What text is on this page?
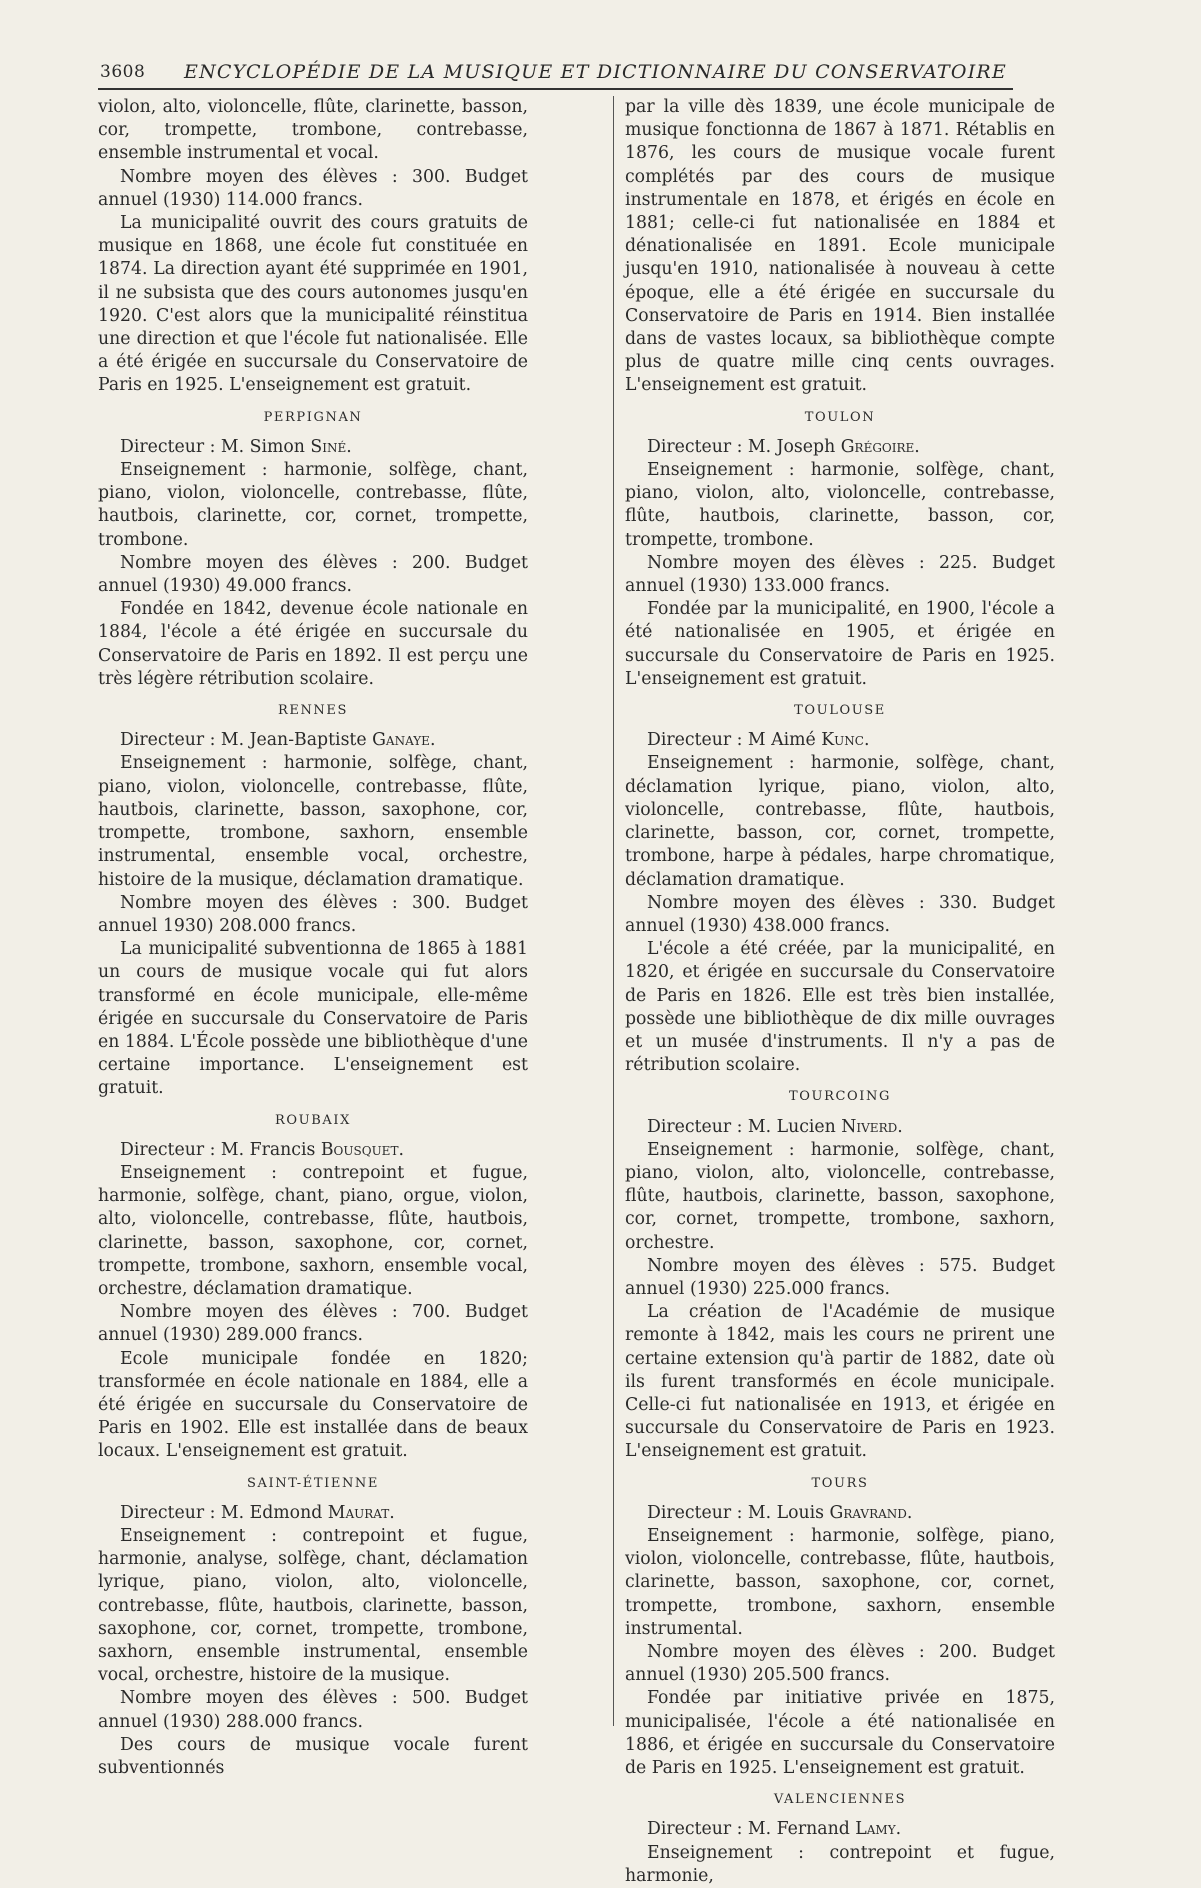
3608	ENCYCLOPÉDIE DE LA MUSIQUE ET DICTIONNAIRE DU CONSERVATOIRE

violon, alto, violoncelle, flûte, clarinette, basson, cor, trompette, trombone, contrebasse, ensemble instrumental et vocal.

Nombre moyen des élèves : 300. Budget annuel (1930) 114.000 francs.

La municipalité ouvrit des cours gratuits de musique en 1868, une école fut constituée en 1874. La direction ayant été supprimée en 1901, il ne subsista que des cours autonomes jusqu'en 1920. C'est alors que la municipalité réinstitua une direction et que l'école fut nationalisée. Elle a été érigée en succursale du Conservatoire de Paris en 1925. L'enseignement est gratuit.

PERPIGNAN

Directeur : M. Simon Siné.

Enseignement : harmonie, solfège, chant, piano, violon, violoncelle, contrebasse, flûte, hautbois, clarinette, cor, cornet, trompette, trombone.

Nombre moyen des élèves : 200. Budget annuel (1930) 49.000 francs.

Fondée en 1842, devenue école nationale en 1884, l'école a été érigée en succursale du Conservatoire de Paris en 1892. Il est perçu une très légère rétribution scolaire.

RENNES

Directeur : M. Jean-Baptiste Ganaye.

Enseignement : harmonie, solfège, chant, piano, violon, violoncelle, contrebasse, flûte, hautbois, clarinette, basson, saxophone, cor, trompette, trombone, saxhorn, ensemble instrumental, ensemble vocal, orchestre, histoire de la musique, déclamation dramatique.

Nombre moyen des élèves : 300. Budget annuel 1930) 208.000 francs.

La municipalité subventionna de 1865 à 1881 un cours de musique vocale qui fut alors transformé en école municipale, elle-même érigée en succursale du Conservatoire de Paris en 1884. L'École possède une bibliothèque d'une certaine importance. L'enseignement est gratuit.

ROUBAIX

Directeur : M. Francis Bousquet.

Enseignement : contrepoint et fugue, harmonie, solfège, chant, piano, orgue, violon, alto, violoncelle, contrebasse, flûte, hautbois, clarinette, basson, saxophone, cor, cornet, trompette, trombone, saxhorn, ensemble vocal, orchestre, déclamation dramatique.

Nombre moyen des élèves : 700. Budget annuel (1930) 289.000 francs.

Ecole municipale fondée en 1820; transformée en école nationale en 1884, elle a été érigée en succursale du Conservatoire de Paris en 1902. Elle est installée dans de beaux locaux. L'enseignement est gratuit.

SAINT-ÉTIENNE

Directeur : M. Edmond Maurat.

Enseignement : contrepoint et fugue, harmonie, analyse, solfège, chant, déclamation lyrique, piano, violon, alto, violoncelle, contrebasse, flûte, hautbois, clarinette, basson, saxophone, cor, cornet, trompette, trombone, saxhorn, ensemble instrumental, ensemble vocal, orchestre, histoire de la musique.

Nombre moyen des élèves : 500. Budget annuel (1930) 288.000 francs.

Des cours de musique vocale furent subventionnés

par la ville dès 1839, une école municipale de musique fonctionna de 1867 à 1871. Rétablis en 1876, les cours de musique vocale furent complétés par des cours de musique instrumentale en 1878, et érigés en école en 1881; celle-ci fut nationalisée en 1884 et dénationalisée en 1891. Ecole municipale jusqu'en 1910, nationalisée à nouveau à cette époque, elle a été érigée en succursale du Conservatoire de Paris en 1914. Bien installée dans de vastes locaux, sa bibliothèque compte plus de quatre mille cinq cents ouvrages. L'enseignement est gratuit.

TOULON

Directeur : M. Joseph Grégoire.

Enseignement : harmonie, solfège, chant, piano, violon, alto, violoncelle, contrebasse, flûte, hautbois, clarinette, basson, cor, trompette, trombone.

Nombre moyen des élèves : 225. Budget annuel (1930) 133.000 francs.

Fondée par la municipalité, en 1900, l'école a été nationalisée en 1905, et érigée en succursale du Conservatoire de Paris en 1925. L'enseignement est gratuit.

TOULOUSE

Directeur : M Aimé Kunc.

Enseignement : harmonie, solfège, chant, déclamation lyrique, piano, violon, alto, violoncelle, contrebasse, flûte, hautbois, clarinette, basson, cor, cornet, trompette, trombone, harpe à pédales, harpe chromatique, déclamation dramatique.

Nombre moyen des élèves : 330. Budget annuel (1930) 438.000 francs.

L'école a été créée, par la municipalité, en 1820, et érigée en succursale du Conservatoire de Paris en 1826. Elle est très bien installée, possède une bibliothèque de dix mille ouvrages et un musée d'instruments. Il n'y a pas de rétribution scolaire.

TOURCOING

Directeur : M. Lucien Niverd.

Enseignement : harmonie, solfège, chant, piano, violon, alto, violoncelle, contrebasse, flûte, hautbois, clarinette, basson, saxophone, cor, cornet, trompette, trombone, saxhorn, orchestre.

Nombre moyen des élèves : 575. Budget annuel (1930) 225.000 francs.

La création de l'Académie de musique remonte à 1842, mais les cours ne prirent une certaine extension qu'à partir de 1882, date où ils furent transformés en école municipale. Celle-ci fut nationalisée en 1913, et érigée en succursale du Conservatoire de Paris en 1923. L'enseignement est gratuit.

TOURS

Directeur : M. Louis Gravrand.

Enseignement : harmonie, solfège, piano, violon, violoncelle, contrebasse, flûte, hautbois, clarinette, basson, saxophone, cor, cornet, trompette, trombone, saxhorn, ensemble instrumental.

Nombre moyen des élèves : 200. Budget annuel (1930) 205.500 francs.

Fondée par initiative privée en 1875, municipalisée, l'école a été nationalisée en 1886, et érigée en succursale du Conservatoire de Paris en 1925. L'enseignement est gratuit.

VALENCIENNES

Directeur : M. Fernand Lamy.

Enseignement : contrepoint et fugue, harmonie,
